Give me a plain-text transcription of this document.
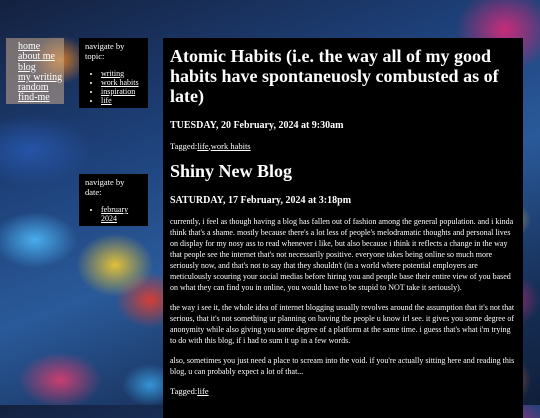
home
about me
blog
my writing
random
find-me
navigate by topic:
• writing
• work habits
• inspiration
• life
navigate by date:
• february 2024
Atomic Habits (i.e. the way all of my good habits have spontaneuosly combusted as of late)
TUESDAY, 20 February, 2024 at 9:30am
Tagged:life,work habits
Shiny New Blog
SATURDAY, 17 February, 2024 at 3:18pm

currently, i feel as though having a blog has fallen out of fashion among the general population. and i kinda think that's a shame. mostly because there's a lot less of people's melodramatic thoughts and personal lives on display for my nosy ass to read whenever i like, but also because i think it reflects a change in the way that people see the internet that's not necessarily positive. everyone takes being online so much more seriously now, and that's not to say that they shouldn't (in a world where potential employers are meticulously scouring your social medias before hiring you and people base their entire view of you based on what they can find you in online, you would have to be stupid to NOT take it seriously).

the way i see it, the whole idea of internet blogging usually revolves around the assumption that it's not that serious, that it's not something ur planning on having the people u know irl see. it gives you some degree of anonymity while also giving you some degree of a platform at the same time. i guess that's what i'm trying to do with this blog, if i had to sum it up in a few words.

also, sometimes you just need a place to scream into the void. if you're actually sitting here and reading this blog, u can probably expect a lot of that...

Tagged:life
